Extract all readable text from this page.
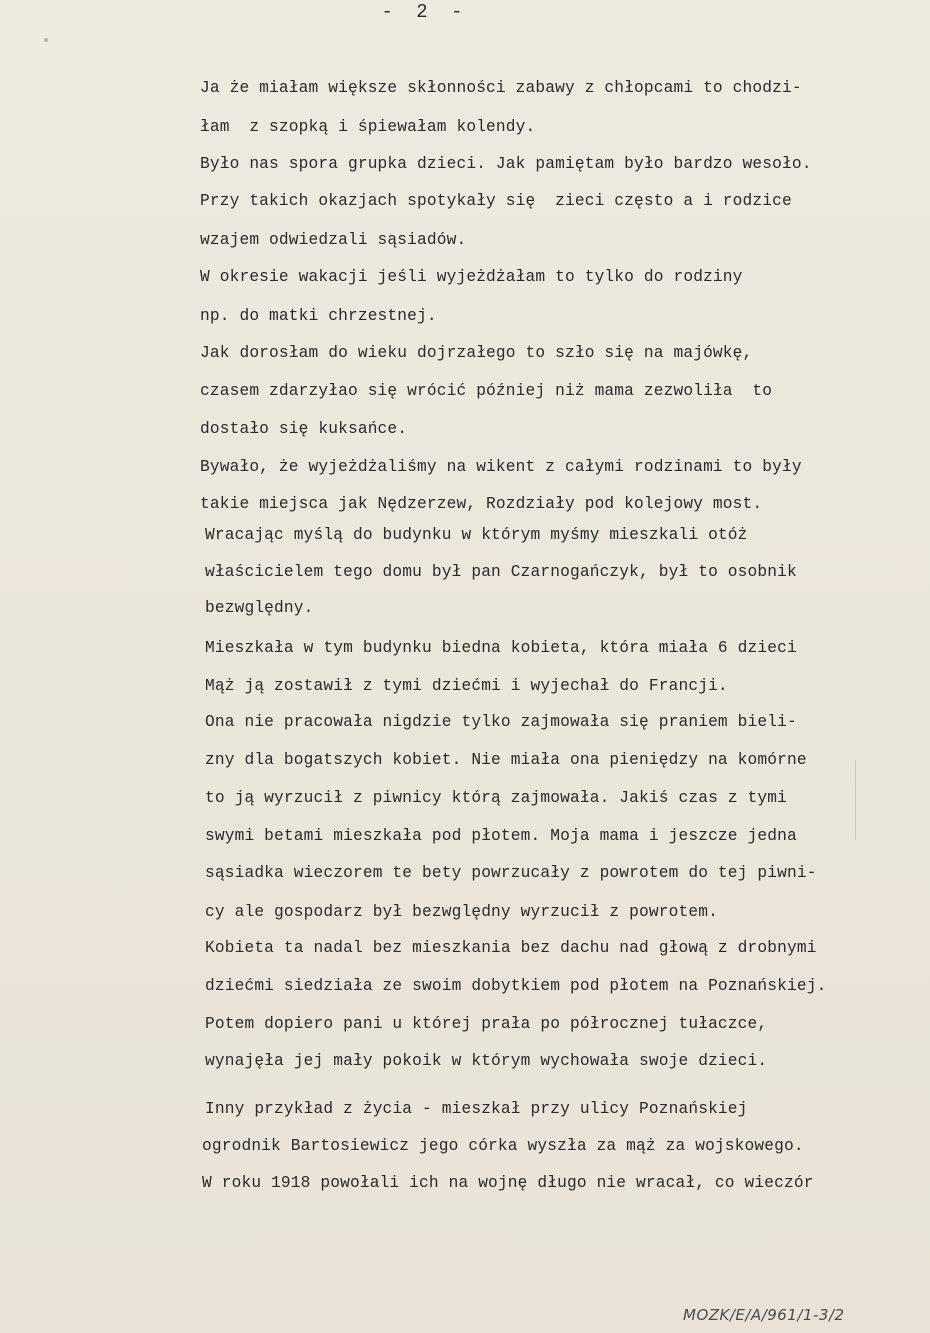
- 2 -
Ja że miałam większe skłonności zabawy z chłopcami to chodzi-
łam  z szopką i śpiewałam kolendy.
Było nas spora grupka dzieci. Jak pamiętam było bardzo wesoło.
Przy takich okazjach spotykały się  zieci często a i rodzice
wzajem odwiedzali sąsiadów.
W okresie wakacji jeśli wyjeżdżałam to tylko do rodziny
np. do matki chrzestnej.
Jak dorosłam do wieku dojrzałego to szło się na majówkę,
czasem zdarzyłao się wrócić później niż mama zezwoliła  to
dostało się kuksańce.
Bywało, że wyjeżdżaliśmy na wikent z całymi rodzinami to były
takie miejsca jak Nędzerzew, Rozdziały pod kolejowy most.
Wracając myślą do budynku w którym myśmy mieszkali otóż
właścicielem tego domu był pan Czarnogańczyk, był to osobnik
bezwględny.
Mieszkała w tym budynku biedna kobieta, która miała 6 dzieci
Mąż ją zostawił z tymi dziećmi i wyjechał do Francji.
Ona nie pracowała nigdzie tylko zajmowała się praniem bieli-
zny dla bogatszych kobiet. Nie miała ona pieniędzy na komórne
to ją wyrzucił z piwnicy którą zajmowała. Jakiś czas z tymi
swymi betami mieszkała pod płotem. Moja mama i jeszcze jedna
sąsiadka wieczorem te bety powrzucały z powrotem do tej piwni-
cy ale gospodarz był bezwględny wyrzucił z powrotem.
Kobieta ta nadal bez mieszkania bez dachu nad głową z drobnymi
dziećmi siedziała ze swoim dobytkiem pod płotem na Poznańskiej.
Potem dopiero pani u której prała po półrocznej tułaczce,
wynajęła jej mały pokoik w którym wychowała swoje dzieci.
Inny przykład z życia - mieszkał przy ulicy Poznańskiej
ogrodnik Bartosiewicz jego córka wyszła za mąż za wojskowego.
W roku 1918 powołali ich na wojnę długo nie wracał, co wieczór
MOZK/E/A/961/1-3/2
